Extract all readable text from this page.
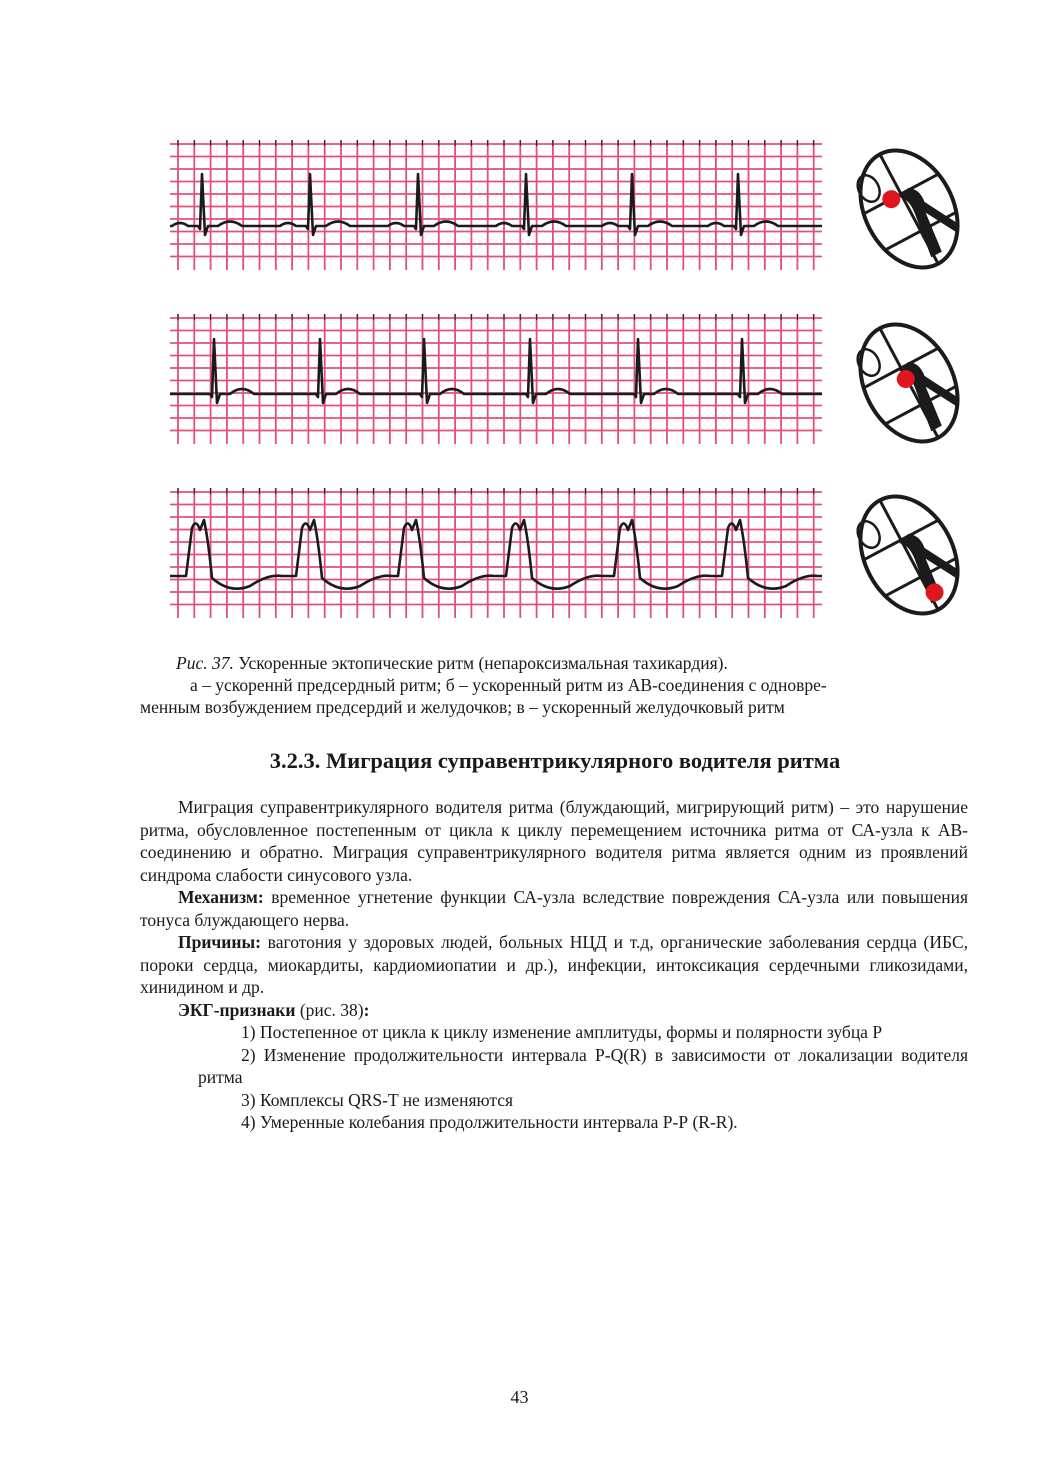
Рис. 37. Ускоренные эктопические ритм (непароксизмальная тахикардия).
а – ускореннй предсердный ритм; б – ускоренный ритм из АВ-соединения с одновре-
менным возбуждением предсердий и желудочков; в – ускоренный желудочковый ритм
3.2.3. Миграция суправентрикулярного водителя ритма

Миграция суправентрикулярного водителя ритма (блуждающий, мигрирующий ритм) – это нарушение ритма, обусловленное постепенным от цикла к циклу перемещением источника ритма от СА-узла к АВ-соединению и обратно. Миграция суправентрикулярного водителя ритма является одним из проявлений синдрома слабости синусового узла.

Механизм: временное угнетение функции СА-узла вследствие повреждения СА-узла или повышения тонуса блуждающего нерва.

Причины: ваготония у здоровых людей, больных НЦД и т.д, органические заболевания сердца (ИБС, пороки сердца, миокардиты, кардиомиопатии и др.), инфекции, интоксикация сердечными гликозидами, хинидином и др.

ЭКГ-признаки (рис. 38):

1) Постепенное от цикла к циклу изменение амплитуды, формы и полярности зубца Р
2) Изменение продолжительности интервала P-Q(R) в зависимости от локализации водителя ритма
3) Комплексы QRS-T не изменяются
4) Умеренные колебания продолжительности интервала Р-Р (R-R).
43
